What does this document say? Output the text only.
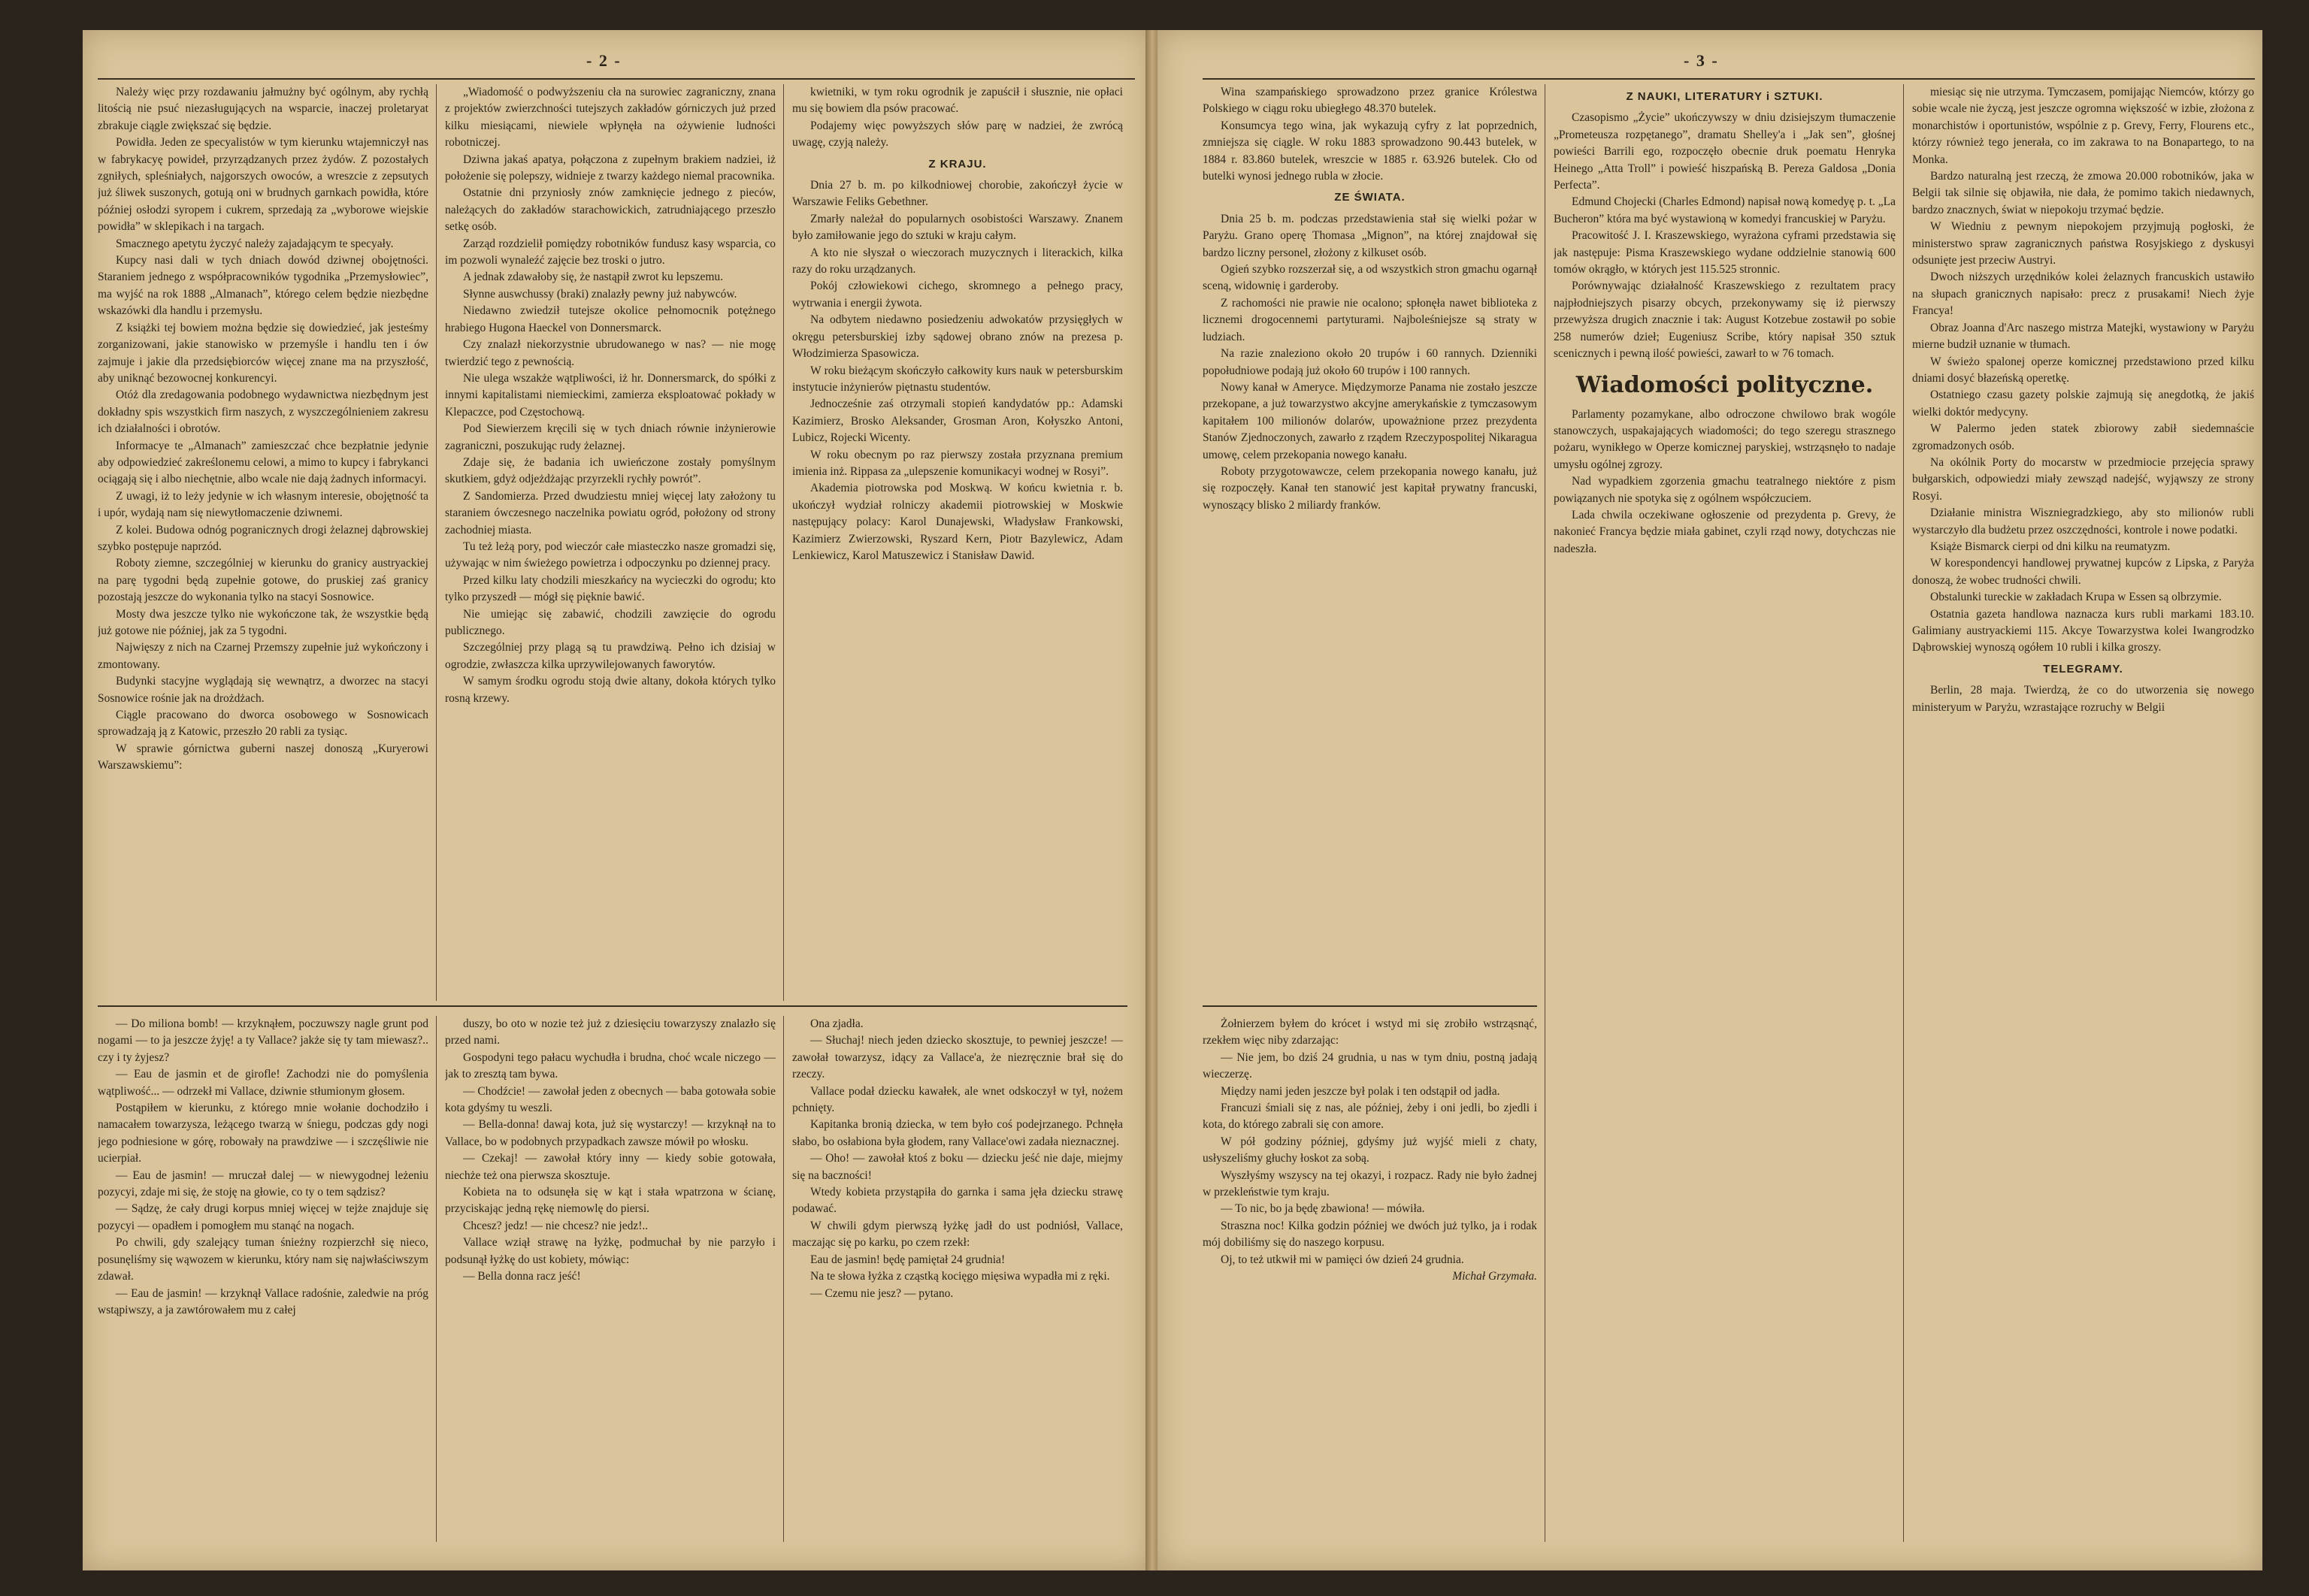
- 2 -	- 3 -

Należy więc przy rozdawaniu jałmużny być ogólnym, aby rychłą litością nie psuć niezasługujących na wsparcie, inaczej proletaryat zbrakuje ciągle zwiększać się będzie.

Powidła. Jeden ze specyalistów w tym kierunku wtajemniczył nas w fabrykacyę powideł, przyrządzanych przez żydów. Z pozostałych zgniłych, spleśniałych, najgorszych owoców, a wreszcie z zepsutych już śliwek suszonych, gotują oni w brudnych garnkach powidła, które później osłodzi syropem i cukrem, sprzedają za „wyborowe wiejskie powidła” w sklepikach i na targach.

Smacznego apetytu życzyć należy zajadającym te specyały.

Kupcy nasi dali w tych dniach dowód dziwnej obojętności. Staraniem jednego z współpracowników tygodnika „Przemysłowiec”, ma wyjść na rok 1888 „Almanach”, którego celem będzie niezbędne wskazówki dla handlu i przemysłu.

Z książki tej bowiem można będzie się dowiedzieć, jak jesteśmy zorganizowani, jakie stanowisko w przemyśle i handlu ten i ów zajmuje i jakie dla przedsiębiorców więcej znane ma na przyszłość, aby uniknąć bezowocnej konkurencyi.

Otóż dla zredagowania podobnego wydawnictwa niezbędnym jest dokładny spis wszystkich firm naszych, z wyszczególnieniem zakresu ich działalności i obrotów.

Informacye te „Almanach” zamieszczać chce bezpłatnie jedynie aby odpowiedzieć zakreślonemu celowi, a mimo to kupcy i fabrykanci ociągają się i albo niechętnie, albo wcale nie dają żadnych informacyi.

Z uwagi, iż to leży jedynie w ich własnym interesie, obojętność ta i upór, wydają nam się niewytłomaczenie dziwnemi.

Z kolei. Budowa odnóg pogranicznych drogi żelaznej dąbrowskiej szybko postępuje naprzód.

Roboty ziemne, szczególniej w kierunku do granicy austryackiej na parę tygodni będą zupełnie gotowe, do pruskiej zaś granicy pozostają jeszcze do wykonania tylko na stacyi Sosnowice.

Mosty dwa jeszcze tylko nie wykończone tak, że wszystkie będą już gotowe nie później, jak za 5 tygodni.

Najwięszy z nich na Czarnej Przemszy zupełnie już wykończony i zmontowany.

Budynki stacyjne wyglądają się wewnątrz, a dworzec na stacyi Sosnowice rośnie jak na drożdżach.

Ciągle pracowano do dworca osobowego w Sosnowicach sprowadzają ją z Katowic, przeszło 20 rabli za tysiąc.

W sprawie górnictwa guberni naszej donoszą „Kuryerowi Warszawskiemu”:

„Wiadomość o podwyższeniu cła na surowiec zagraniczny, znana z projektów zwierzchności tutejszych zakładów górniczych już przed kilku miesiącami, niewiele wpłynęła na ożywienie ludności robotniczej.

Dziwna jakaś apatya, połączona z zupełnym brakiem nadziei, iż położenie się polepszy, widnieje z twarzy każdego niemal pracownika.

Ostatnie dni przyniosły znów zamknięcie jednego z pieców, należących do zakładów starachowickich, zatrudniającego przeszło setkę osób.

Zarząd rozdzielił pomiędzy robotników fundusz kasy wsparcia, co im pozwoli wynaleźć zajęcie bez troski o jutro.

A jednak zdawałoby się, że nastąpił zwrot ku lepszemu.

Słynne auswchussy (braki) znalazły pewny już nabywców.

Niedawno zwiedził tutejsze okolice pełnomocnik potężnego hrabiego Hugona Haeckel von Donnersmarck.

Czy znalazł niekorzystnie ubrudowanego w nas? — nie mogę twierdzić tego z pewnością.

Nie ulega wszakże wątpliwości, iż hr. Donnersmarck, do spółki z innymi kapitalistami niemieckimi, zamierza eksploatować pokłady w Klepaczce, pod Częstochową.

Pod Siewierzem kręcili się w tych dniach równie inżynierowie zagraniczni, poszukując rudy żelaznej.

Zdaje się, że badania ich uwieńczone zostały pomyślnym skutkiem, gdyż odjeżdżając przyrzekli rychły powrót”.

Z Sandomierza. Przed dwudziestu mniej więcej laty założony tu staraniem ówczesnego naczelnika powiatu ogród, położony od strony zachodniej miasta.

Tu też leżą pory, pod wieczór całe miasteczko nasze gromadzi się, używając w nim świeżego powietrza i odpoczynku po dziennej pracy.

Przed kilku laty chodzili mieszkańcy na wycieczki do ogrodu; kto tylko przyszedł — mógł się pięknie bawić.

Nie umiejąc się zabawić, chodzili zawzięcie do ogrodu publicznego.

Szczególniej przy plagą są tu prawdziwą. Pełno ich dzisiaj w ogrodzie, zwłaszcza kilka uprzywilejowanych faworytów.

W samym środku ogrodu stoją dwie altany, dokoła których tylko rosną krzewy.

kwietniki, w tym roku ogrodnik je zapuścił i słusznie, nie opłaci mu się bowiem dla psów pracować.

Podajemy więc powyższych słów parę w nadziei, że zwrócą uwagę, czyją należy.

Z KRAJU.

Dnia 27 b. m. po kilkodniowej chorobie, zakończył życie w Warszawie Feliks Gebethner.

Zmarły należał do popularnych osobistości Warszawy. Znanem było zamiłowanie jego do sztuki w kraju całym.

A kto nie słyszał o wieczorach muzycznych i literackich, kilka razy do roku urządzanych.

Pokój człowiekowi cichego, skromnego a pełnego pracy, wytrwania i energii żywota.

Na odbytem niedawno posiedzeniu adwokatów przysięgłych w okręgu petersburskiej izby sądowej obrano znów na prezesa p. Włodzimierza Spasowicza.

W roku bieżącym skończyło całkowity kurs nauk w petersburskim instytucie inżynierów piętnastu studentów.

Jednocześnie zaś otrzymali stopień kandydatów pp.: Adamski Kazimierz, Brosko Aleksander, Grosman Aron, Kołyszko Antoni, Lubicz, Rojecki Wicenty.

W roku obecnym po raz pierwszy została przyznana premium imienia inż. Rippasa za „ulepszenie komunikacyi wodnej w Rosyi”.

Akademia piotrowska pod Moskwą. W końcu kwietnia r. b. ukończył wydział rolniczy akademii piotrowskiej w Moskwie następujący polacy: Karol Dunajewski, Władysław Frankowski, Kazimierz Zwierzowski, Ryszard Kern, Piotr Bazylewicz, Adam Lenkiewicz, Karol Matuszewicz i Stanisław Dawid.

— Do miliona bomb! — krzyknąłem, poczuwszy nagle grunt pod nogami — to ja jeszcze żyję! a ty Vallace? jakże się ty tam miewasz?.. czy i ty żyjesz?

— Eau de jasmin et de girofle! Zachodzi nie do pomyślenia wątpliwość... — odrzekł mi Vallace, dziwnie stłumionym głosem.

Postąpiłem w kierunku, z którego mnie wołanie dochodziło i namacałem towarzysza, leżącego twarzą w śniegu, podczas gdy nogi jego podniesione w górę, robowały na prawdziwe — i szczęśliwie nie ucierpiał.

— Eau de jasmin! — mruczał dalej — w niewygodnej leżeniu pozycyi, zdaje mi się, że stoję na głowie, co ty o tem sądzisz?

— Sądzę, że cały drugi korpus mniej więcej w tejże znajduje się pozycyi — opadłem i pomogłem mu stanąć na nogach.

Po chwili, gdy szalejący tuman śnieżny rozpierzchł się nieco, posunęliśmy się wąwozem w kierunku, który nam się najwłaściwszym zdawał.

— Eau de jasmin! — krzyknął Vallace radośnie, zaledwie na próg wstąpiwszy, a ja zawtórowałem mu z całej

duszy, bo oto w nozie też już z dziesięciu towarzyszy znalazło się przed nami.

Gospodyni tego pałacu wychudła i brudna, choć wcale niczego — jak to zresztą tam bywa.

— Chodźcie! — zawołał jeden z obecnych — baba gotowała sobie kota gdyśmy tu weszli.

— Bella-donna! dawaj kota, już się wystarczy! — krzyknął na to Vallace, bo w podobnych przypadkach zawsze mówił po włosku.

— Czekaj! — zawołał który inny — kiedy sobie gotowała, niechże też ona pierwsza skosztuje.

Kobieta na to odsunęła się w kąt i stała wpatrzona w ścianę, przyciskając jedną rękę niemowlę do piersi.

Chcesz? jedz! — nie chcesz? nie jedz!..

Vallace wziął strawę na łyżkę, podmuchał by nie parzyło i podsunął łyżkę do ust kobiety, mówiąc:

— Bella donna racz jeść!

Ona zjadła.

— Słuchaj! niech jeden dziecko skosztuje, to pewniej jeszcze! — zawołał towarzysz, idący za Vallace'a, że niezręcznie brał się do rzeczy.

Vallace podał dziecku kawałek, ale wnet odskoczył w tył, nożem pchnięty.

Kapitanka bronią dziecka, w tem było coś podejrzanego. Pchnęła słabo, bo osłabiona była głodem, rany Vallace'owi zadała nieznacznej.

— Oho! — zawołał ktoś z boku — dziecku jeść nie daje, miejmy się na baczności!

Wtedy kobieta przystąpiła do garnka i sama jęła dziecku strawę podawać.

W chwili gdym pierwszą łyżkę jadł do ust podniósł, Vallace, maczając się po karku, po czem rzekł:

Eau de jasmin! będę pamiętał 24 grudnia!

Na te słowa łyżka z cząstką kocięgo mięsiwa wypadła mi z ręki.

— Czemu nie jesz? — pytano.

Wina szampańskiego sprowadzono przez granice Królestwa Polskiego w ciągu roku ubiegłego 48.370 butelek.

Konsumcya tego wina, jak wykazują cyfry z lat poprzednich, zmniejsza się ciągle. W roku 1883 sprowadzono 90.443 butelek, w 1884 r. 83.860 butelek, wreszcie w 1885 r. 63.926 butelek. Cło od butelki wynosi jednego rubla w złocie.

ZE ŚWIATA.

Dnia 25 b. m. podczas przedstawienia stał się wielki pożar w Paryżu. Grano operę Thomasa „Mignon”, na której znajdował się bardzo liczny personel, złożony z kilkuset osób.

Ogień szybko rozszerzał się, a od wszystkich stron gmachu ogarnął sceną, widownię i garderoby.

Z rachomości nie prawie nie ocalono; spłonęła nawet biblioteka z licznemi drogocennemi partyturami. Najboleśniejsze są straty w ludziach.

Na razie znaleziono około 20 trupów i 60 rannych. Dzienniki popołudniowe podają już około 60 trupów i 100 rannych.

Nowy kanał w Ameryce. Międzymorze Panama nie zostało jeszcze przekopane, a już towarzystwo akcyjne amerykańskie z tymczasowym kapitałem 100 milionów dolarów, upoważnione przez prezydenta Stanów Zjednoczonych, zawarło z rządem Rzeczypospolitej Nikaragua umowę, celem przekopania nowego kanału.

Roboty przygotowawcze, celem przekopania nowego kanału, już się rozpoczęły. Kanał ten stanowić jest kapitał prywatny francuski, wynoszący blisko 2 miliardy franków.

Z NAUKI, LITERATURY i SZTUKI.

Czasopismo „Życie” ukończywszy w dniu dzisiejszym tłumaczenie „Prometeusza rozpętanego”, dramatu Shelley'a i „Jak sen”, głośnej powieści Barrili ego, rozpoczęło obecnie druk poematu Henryka Heinego „Atta Troll” i powieść hiszpańską B. Pereza Galdosa „Donia Perfecta”.

Edmund Chojecki (Charles Edmond) napisał nową komedyę p. t. „La Bucheron” która ma być wystawioną w komedyi francuskiej w Paryżu.

Pracowitość J. I. Kraszewskiego, wyrażona cyframi przedstawia się jak następuje: Pisma Kraszewskiego wydane oddzielnie stanowią 600 tomów okrągło, w których jest 115.525 stronnic.

Porównywając działalność Kraszewskiego z rezultatem pracy najpłodniejszych pisarzy obcych, przekonywamy się iż pierwszy przewyższa drugich znacznie i tak: August Kotzebue zostawił po sobie 258 numerów dzieł; Eugeniusz Scribe, który napisał 350 sztuk scenicznych i pewną ilość powieści, zawarł to w 76 tomach.

Wiadomości polityczne.

Parlamenty pozamykane, albo odroczone chwilowo brak wogóle stanowczych, uspakajających wiadomości; do tego szeregu strasznego pożaru, wynikłego w Operze komicznej paryskiej, wstrząsnęło to nadaje umysłu ogólnej zgrozy.

Nad wypadkiem zgorzenia gmachu teatralnego niektóre z pism powiązanych nie spotyka się z ogólnem współczuciem.

Lada chwila oczekiwane ogłoszenie od prezydenta p. Grevy, że nakonieć Francya będzie miała gabinet, czyli rząd nowy, dotychczas nie nadeszła.

miesiąc się nie utrzyma. Tymczasem, pomijając Niemców, którzy go sobie wcale nie życzą, jest jeszcze ogromna większość w izbie, złożona z monarchistów i oportunistów, wspólnie z p. Grevy, Ferry, Flourens etc., którzy również tego jenerała, co im zakrawa to na Bonapartego, to na Monka.

Bardzo naturalną jest rzeczą, że zmowa 20.000 robotników, jaka w Belgii tak silnie się objawiła, nie dała, że pomimo takich niedawnych, bardzo znacznych, świat w niepokoju trzymać będzie.

W Wiedniu z pewnym niepokojem przyjmują pogłoski, że ministerstwo spraw zagranicznych państwa Rosyjskiego z dyskusyi odsunięte jest przeciw Austryi.

Dwoch niższych urzędników kolei żelaznych francuskich ustawiło na słupach granicznych napisało: precz z prusakami! Niech żyje Francya!

Obraz Joanna d'Arc naszego mistrza Matejki, wystawiony w Paryżu mierne budził uznanie w tłumach.

W świeżo spalonej operze komicznej przedstawiono przed kilku dniami dosyć błazeńską operetkę.

Ostatniego czasu gazety polskie zajmują się anegdotką, że jakiś wielki doktór medycyny.

W Palermo jeden statek zbiorowy zabił siedemnaście zgromadzonych osób.

Na okólnik Porty do mocarstw w przedmiocie przejęcia sprawy bułgarskich, odpowiedzi miały zewsząd nadejść, wyjąwszy ze strony Rosyi.

Działanie ministra Wiszniegradzkiego, aby sto milionów rubli wystarczyło dla budżetu przez oszczędności, kontrole i nowe podatki.

Książe Bismarck cierpi od dni kilku na reumatyzm.

W korespondencyi handlowej prywatnej kupców z Lipska, z Paryża donoszą, że wobec trudności chwili.

Obstalunki tureckie w zakładach Krupa w Essen są olbrzymie.

Ostatnia gazeta handlowa naznacza kurs rubli markami 183.10. Galimiany austryackiemi 115. Akcye Towarzystwa kolei Iwangrodzko Dąbrowskiej wynoszą ogółem 10 rubli i kilka groszy.

TELEGRAMY.

Berlin, 28 maja. Twierdzą, że co do utworzenia się nowego ministeryum w Paryżu, wzrastające rozruchy w Belgii

Żołnierzem byłem do krócet i wstyd mi się zrobiło wstrząsnąć, rzekłem więc niby zdarzając:

— Nie jem, bo dziś 24 grudnia, u nas w tym dniu, postną jadają wieczerzę.

Między nami jeden jeszcze był polak i ten odstąpił od jadła.

Francuzi śmiali się z nas, ale później, żeby i oni jedli, bo zjedli i kota, do którego zabrali się con amore.

W pół godziny później, gdyśmy już wyjść mieli z chaty, usłyszeliśmy głuchy łoskot za sobą.

Wyszłyśmy wszyscy na tej okazyi, i rozpacz. Rady nie było żadnej w przekleństwie tym kraju.

— To nic, bo ja będę zbawiona! — mówiła.

Straszna noc! Kilka godzin później we dwóch już tylko, ja i rodak mój dobiliśmy się do naszego korpusu.

Oj, to też utkwił mi w pamięci ów dzień 24 grudnia.

Michał Grzymała.
